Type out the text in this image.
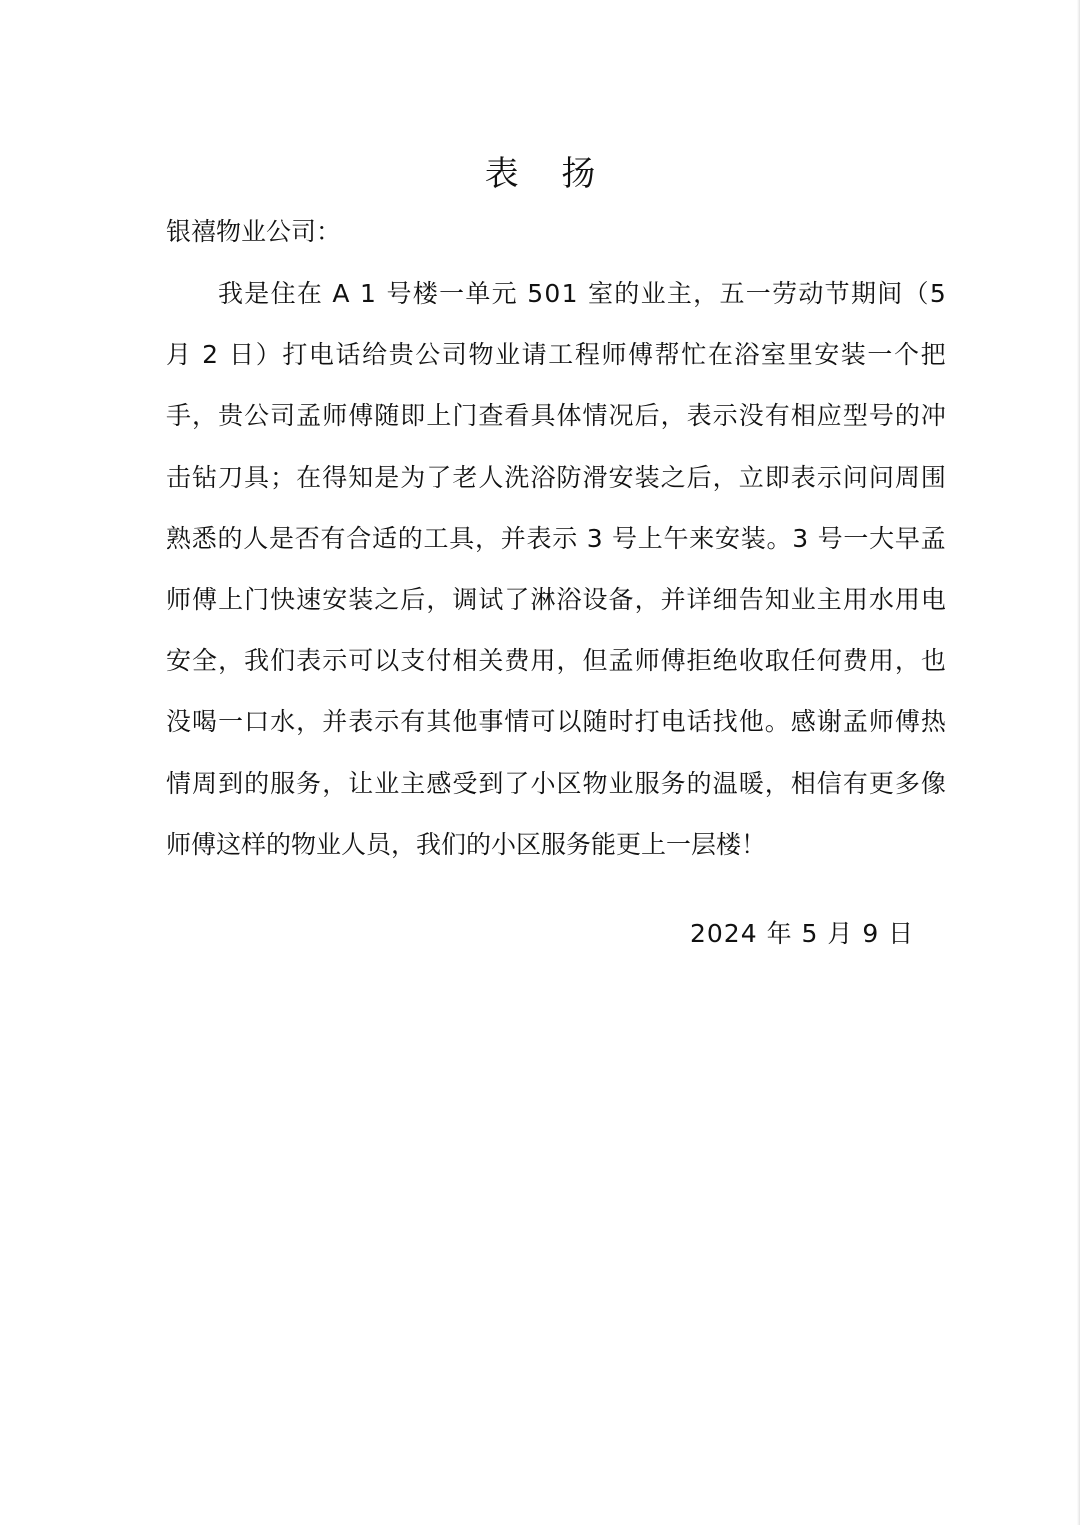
表 扬
银禧物业公司：
我 是 住 在
A
1
号 楼 一 单 元
5 0 1
室 的 业 主 ， 五 一 劳 动 节 期 间 （ 5
月
2
日 ） 打 电 话 给 贵 公 司 物 业 请 工 程 师 傅 帮 忙 在 浴 室 里 安 装 一 个 把
手 ， 贵 公 司 孟 师 傅 随 即 上 门 查 看 具 体 情 况 后 ， 表 示 没 有 相 应 型 号 的 冲
击 钻 刀 具 ； 在 得 知 是 为 了 老 人 洗 浴 防 滑 安 装 之 后 ， 立 即 表 示 问 问 周 围
熟 悉 的 人 是 否 有 合 适 的 工 具 ， 并 表 示
3
号 上 午 来 安 装 。 3
号 一 大 早 孟
师 傅 上 门 快 速 安 装 之 后 ， 调 试 了 淋 浴 设 备 ， 并 详 细 告 知 业 主 用 水 用 电
安 全 ， 我 们 表 示 可 以 支 付 相 关 费 用 ， 但 孟 师 傅 拒 绝 收 取 任 何 费 用 ， 也
没 喝 一 口 水 ， 并 表 示 有 其 他 事 情 可 以 随 时 打 电 话 找 他 。 感 谢 孟 师 傅 热
情 周 到 的 服 务 ， 让 业 主 感 受 到 了 小 区 物 业 服 务 的 温 暖 ， 相 信 有 更 多 像
师傅这样的物业人员，我们的小区服务能更上一层楼！
2024 年 5 月 9 日
